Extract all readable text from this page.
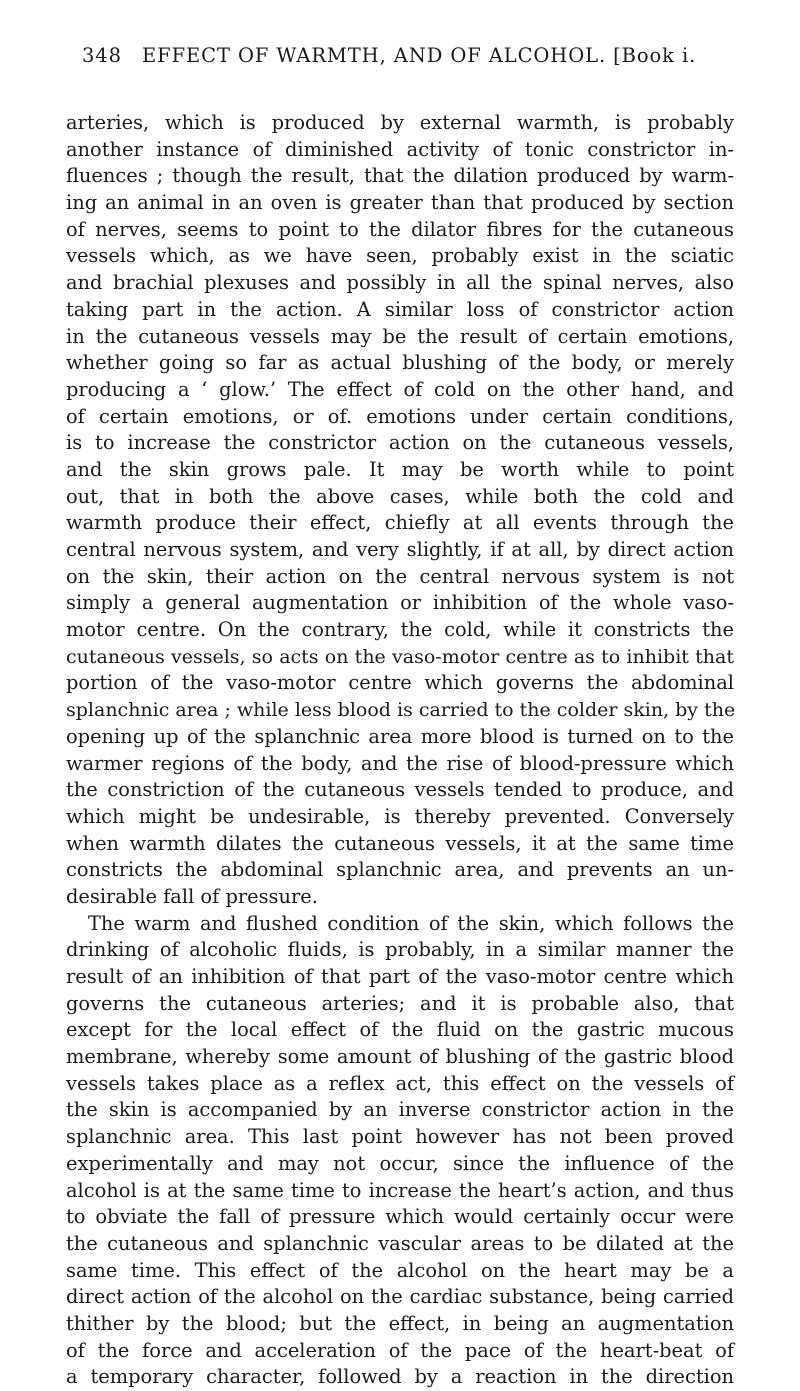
348 EFFECT OF WARMTH, AND OF ALCOHOL. [Book i.
arteries, which is produced by external warmth, is probably
another instance of diminished activity of tonic constrictor in-
fluences ; though the result, that the dilation produced by warm-
ing an animal in an oven is greater than that produced by section
of nerves, seems to point to the dilator fibres for the cutaneous
vessels which, as we have seen, probably exist in the sciatic
and brachial plexuses and possibly in all the spinal nerves, also
taking part in the action. A similar loss of constrictor action
in the cutaneous vessels may be the result of certain emotions,
whether going so far as actual blushing of the body, or merely
producing a ‘ glow.’ The effect of cold on the other hand, and
of certain emotions, or of. emotions under certain conditions,
is to increase the constrictor action on the cutaneous vessels,
and the skin grows pale. It may be worth while to point
out, that in both the above cases, while both the cold and
warmth produce their effect, chiefly at all events through the
central nervous system, and very slightly, if at all, by direct action
on the skin, their action on the central nervous system is not
simply a general augmentation or inhibition of the whole vaso-
motor centre. On the contrary, the cold, while it constricts the
cutaneous vessels, so acts on the vaso-motor centre as to inhibit that
portion of the vaso-motor centre which governs the abdominal
splanchnic area ; while less blood is carried to the colder skin, by the
opening up of the splanchnic area more blood is turned on to the
warmer regions of the body, and the rise of blood-pressure which
the constriction of the cutaneous vessels tended to produce, and
which might be undesirable, is thereby prevented. Conversely
when warmth dilates the cutaneous vessels, it at the same time
constricts the abdominal splanchnic area, and prevents an un-
desirable fall of pressure.
The warm and flushed condition of the skin, which follows the
drinking of alcoholic fluids, is probably, in a similar manner the
result of an inhibition of that part of the vaso-motor centre which
governs the cutaneous arteries; and it is probable also, that
except for the local effect of the fluid on the gastric mucous
membrane, whereby some amount of blushing of the gastric blood
vessels takes place as a reflex act, this effect on the vessels of
the skin is accompanied by an inverse constrictor action in the
splanchnic area. This last point however has not been proved
experimentally and may not occur, since the influence of the
alcohol is at the same time to increase the heart’s action, and thus
to obviate the fall of pressure which would certainly occur were
the cutaneous and splanchnic vascular areas to be dilated at the
same time. This effect of the alcohol on the heart may be a
direct action of the alcohol on the cardiac substance, being carried
thither by the blood; but the effect, in being an augmentation
of the force and acceleration of the pace of the heart-beat of
a temporary character, followed by a reaction in the direction
